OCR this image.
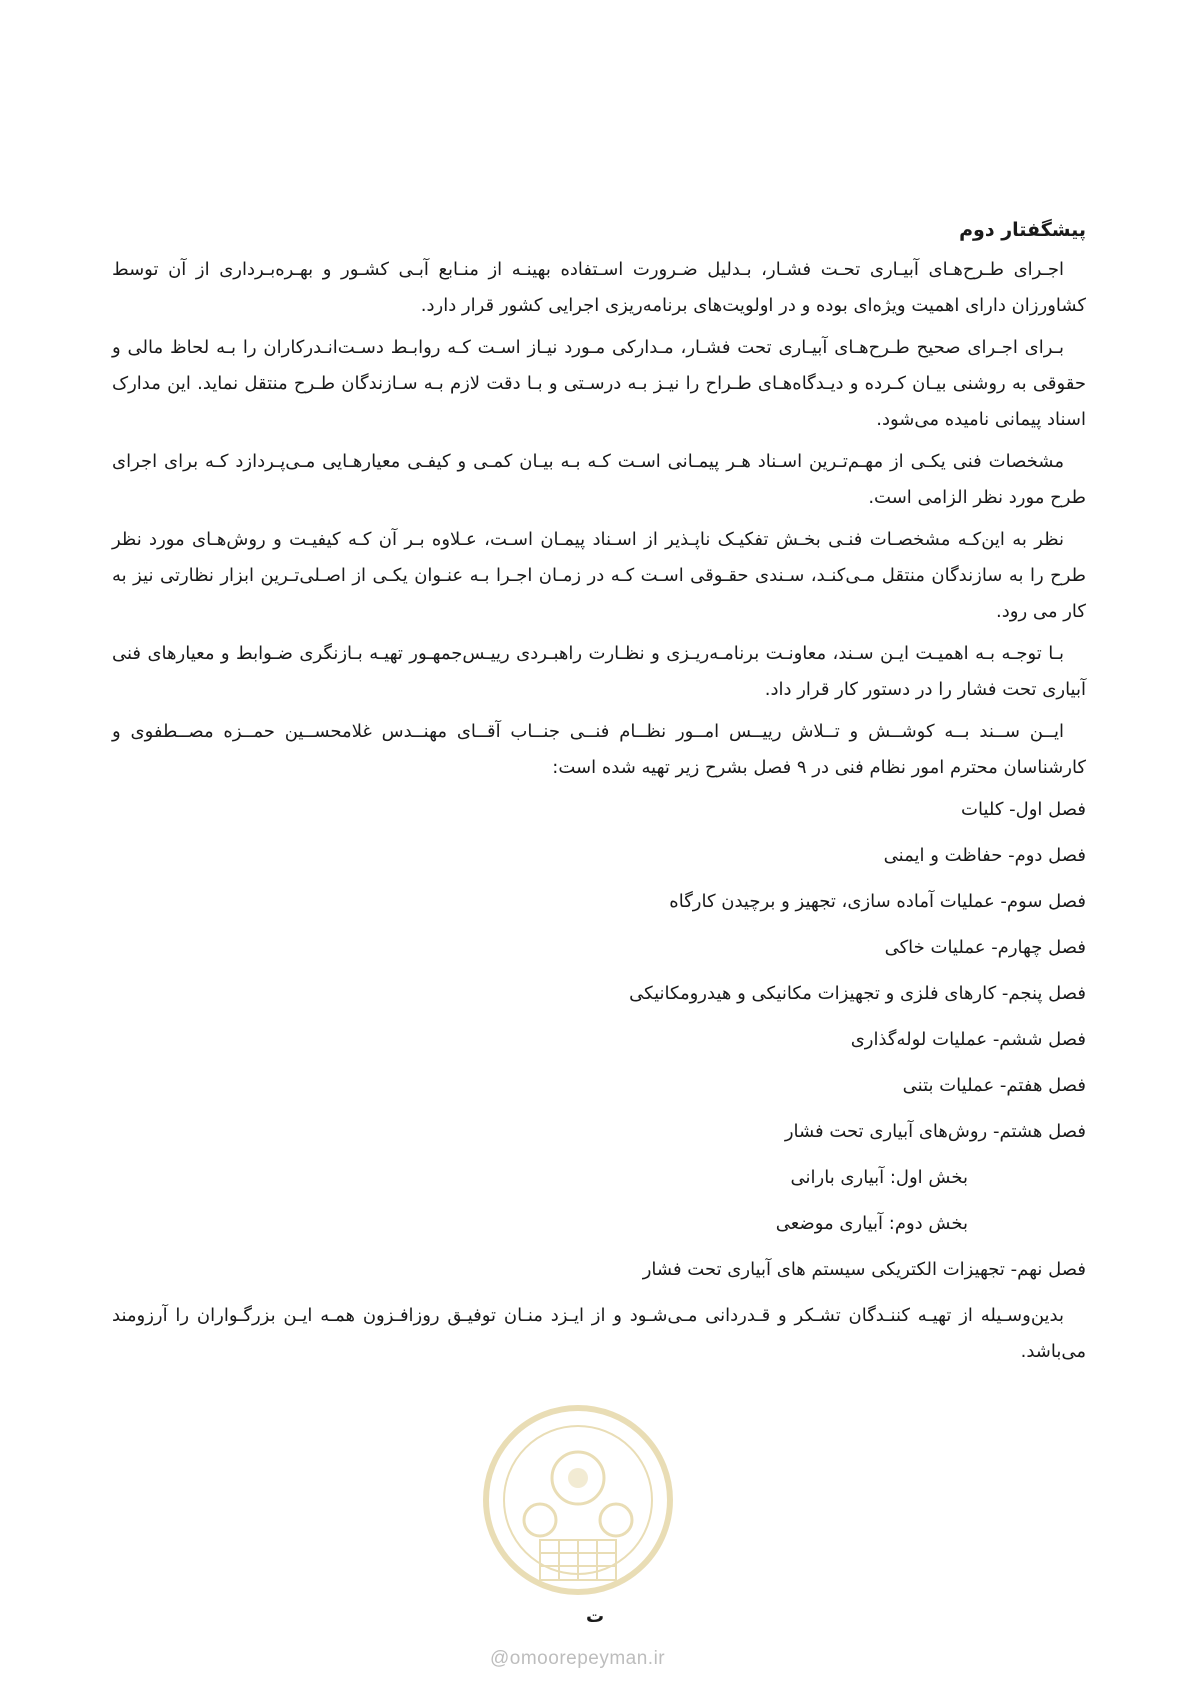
پیشگفتار دوم

اجـرای طـرح‌هـای آبیـاری تحـت فشـار، بـدلیل ضـرورت اسـتفاده بهینـه از منـابع آبـی کشـور و بهـره‌بـرداری از آن توسط کشاورزان دارای اهمیت ویژه‌ای بوده و در اولویت‌های برنامه‌ریزی اجرایی کشور قرار دارد.

بـرای اجـرای صحیح طـرح‌هـای آبیـاری تحت فشـار، مـدارکی مـورد نیـاز اسـت کـه روابـط دسـت‌انـدرکاران را بـه لحاظ مالی و حقوقی به روشنی بیـان کـرده و دیـدگاه‌هـای طـراح را نیـز بـه درسـتی و بـا دقت لازم بـه سـازندگان طـرح منتقل نماید. این مدارک اسناد پیمانی نامیده می‌شود.

مشخصات فنی یکـی از مهـم‌تـرین اسـناد هـر پیمـانی اسـت کـه بـه بیـان کمـی و کیفـی معیارهـایی مـی‌پـردازد کـه برای اجرای طرح مورد نظر الزامی است.

نظر به این‌کـه مشخصـات فنـی بخـش تفکیـک ناپـذیر از اسـناد پیمـان اسـت، عـلاوه بـر آن کـه کیفیـت و روش‌هـای مورد نظر طرح را به سازندگان منتقل مـی‌کنـد، سـندی حقـوقی اسـت کـه در زمـان اجـرا بـه عنـوان یکـی از اصـلی‌تـرین ابزار نظارتی نیز به کار می رود.

بـا توجـه بـه اهمیـت ایـن سـند، معاونـت برنامـه‌ریـزی و نظـارت راهبـردی رییـس‌جمهـور تهیـه بـازنگری ضـوابط و معیارهای فنی آبیاری تحت فشار را در دستور کار قرار داد.

ایــن ســند بــه کوشــش و تــلاش رییــس امــور نظــام فنــی جنــاب آقــای مهنــدس غلامحســین حمــزه مصــطفوی و کارشناسان محترم امور نظام فنی در ۹ فصل بشرح زیر تهیه شده است:

فصل اول- کلیات
فصل دوم- حفاظت و ایمنی
فصل سوم- عملیات آماده سازی، تجهیز و برچیدن کارگاه
فصل چهارم- عملیات خاکی
فصل پنجم- کارهای فلزی و تجهیزات مکانیکی و هیدرومکانیکی
فصل ششم- عملیات لوله‌گذاری
فصل هفتم- عملیات بتنی
فصل هشتم- روش‌های آبیاری تحت فشار
بخش اول: آبیاری بارانی
بخش دوم: آبیاری موضعی
فصل نهم- تجهیزات الکتریکی سیستم های آبیاری تحت فشار

بدین‌وسـیله از تهیـه کننـدگان تشـکر و قـدردانی مـی‌شـود و از ایـزد منـان توفیـق روزافـزون همـه ایـن بزرگـواران را آرزومند می‌باشد.

ت
@omoorepeyman.ir
